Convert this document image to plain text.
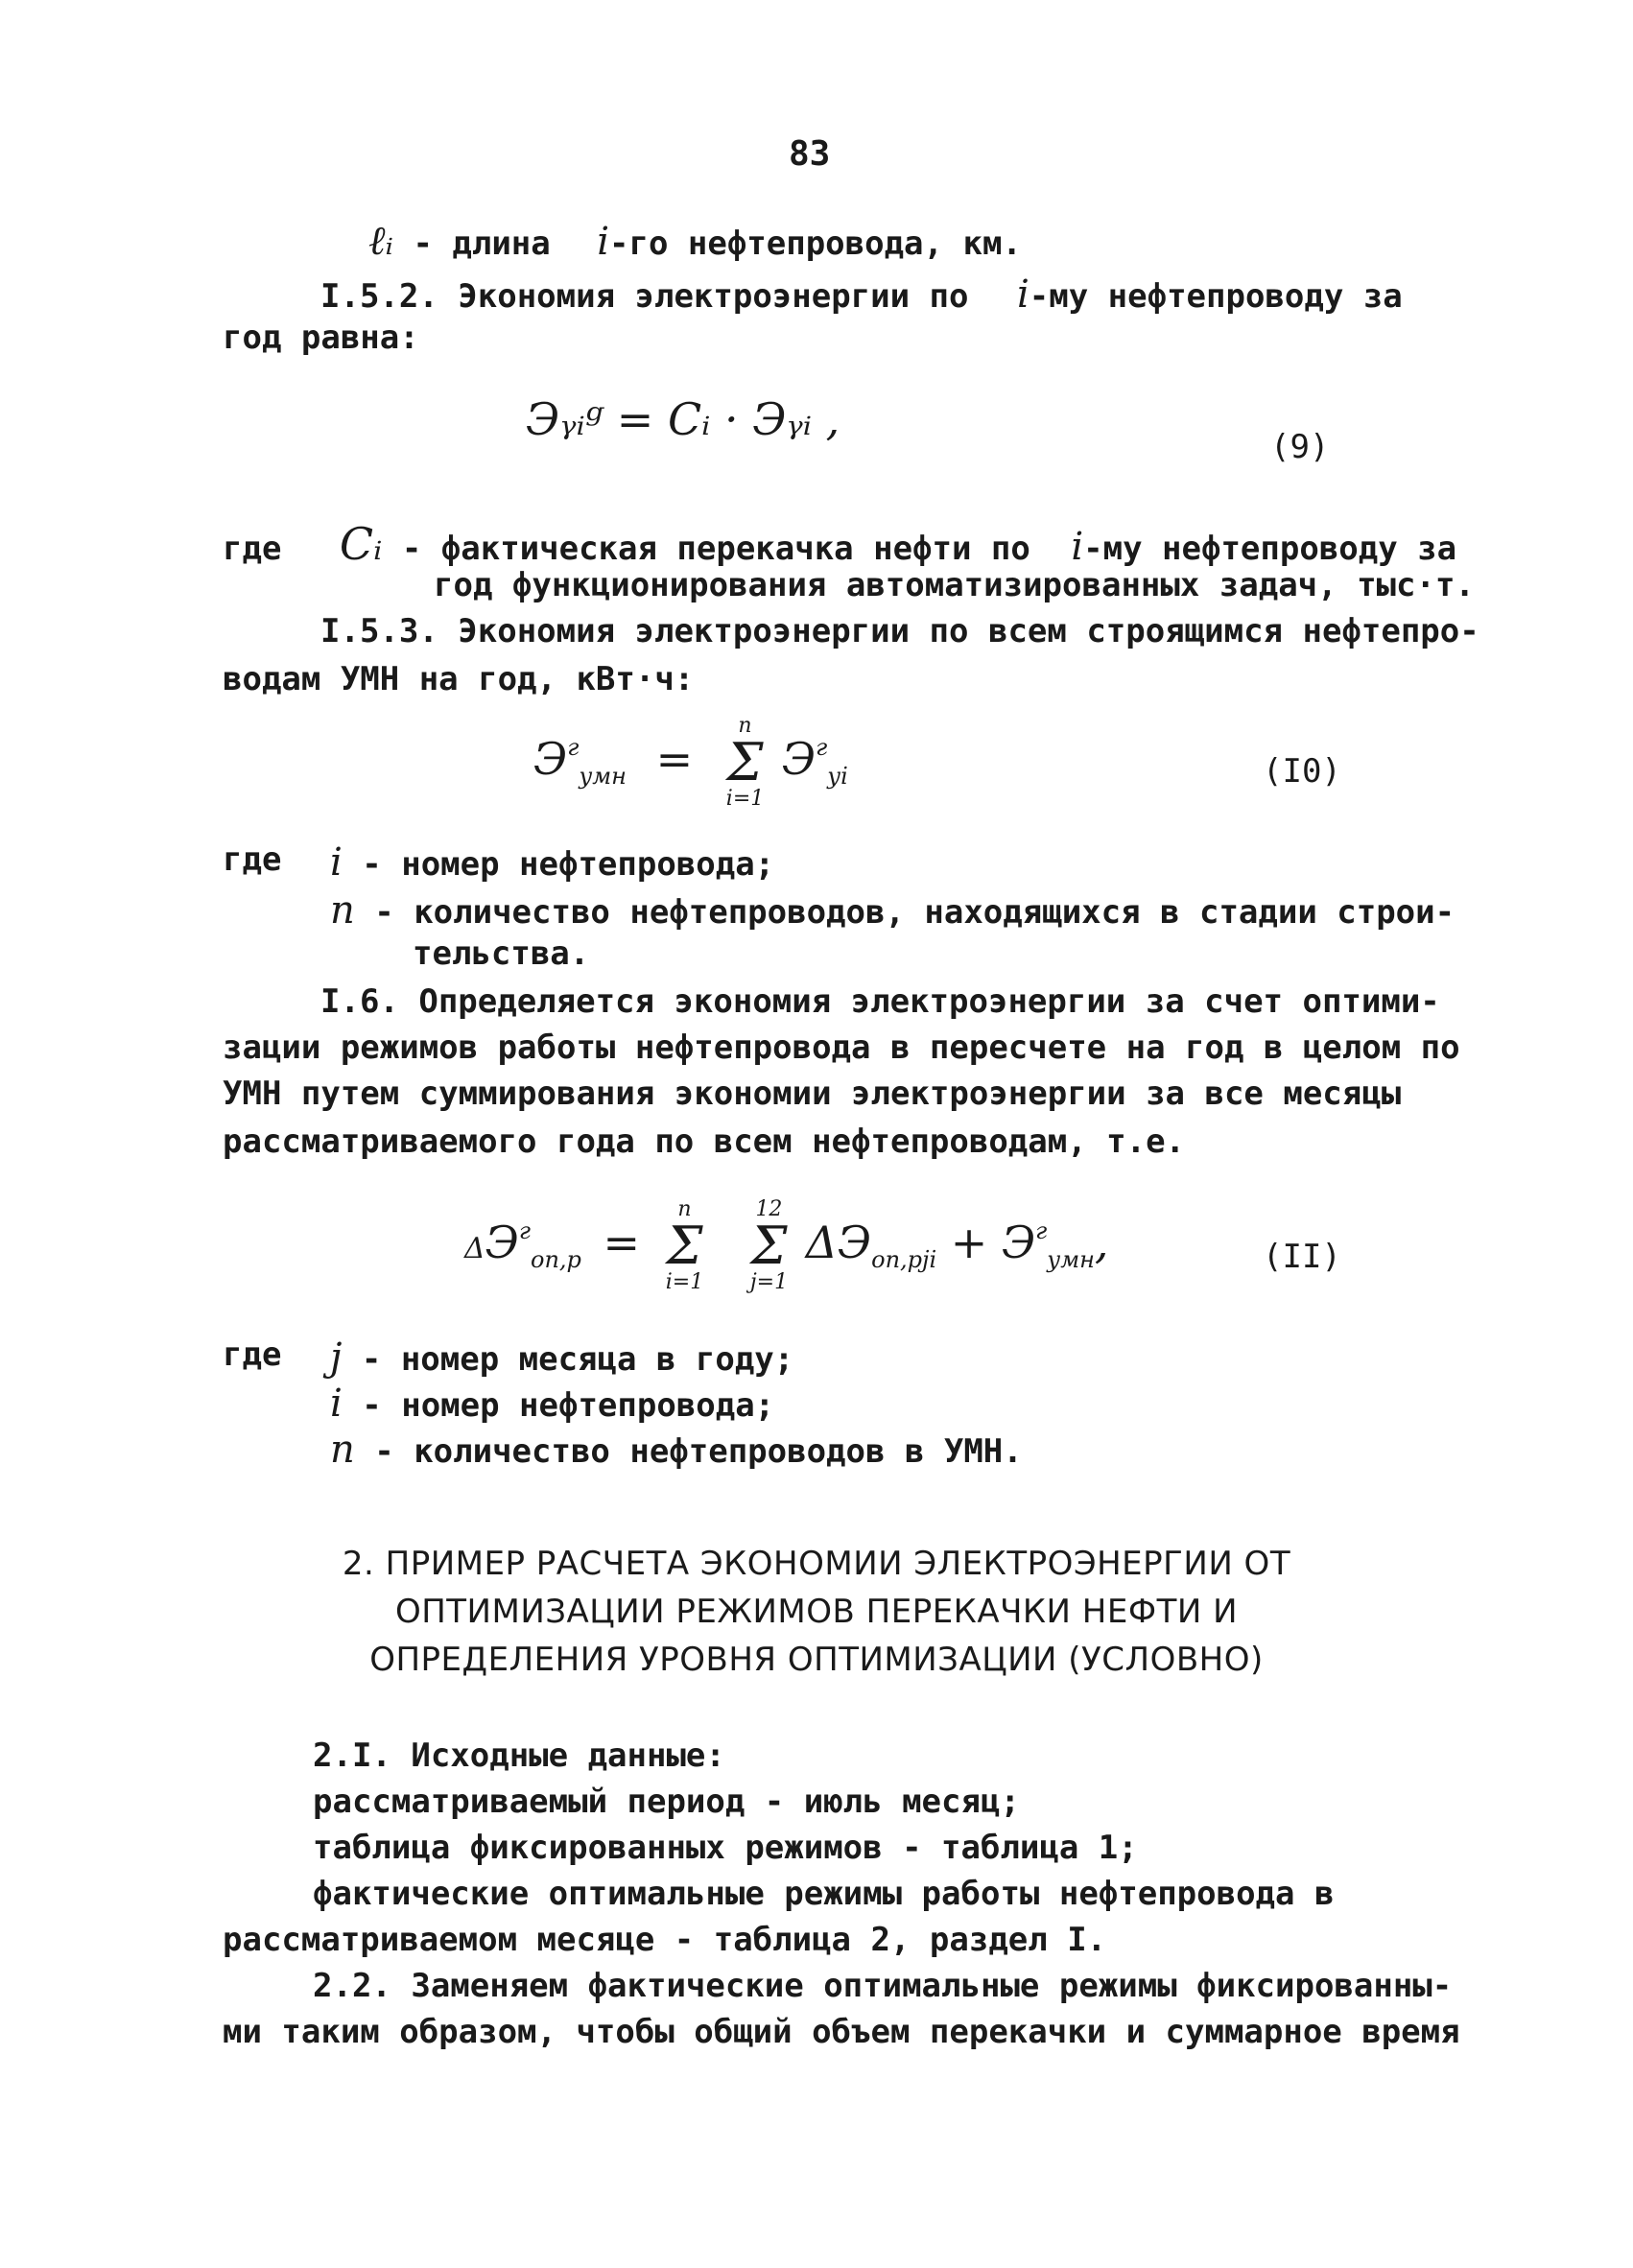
83
ℓᵢ - длина i-го нефтепровода, км.
I.5.2. Экономия электроэнергии по i-му нефтепроводу за
год равна:
Эᵧᵢᵍ = Cᵢ · Эᵧᵢ ,
(9)
где Cᵢ - фактическая перекачка нефти по i-му нефтепроводу за
год функционирования автоматизированных задач, тыс·т.
I.5.3. Экономия электроэнергии по всем строящимся нефтепро-
водам УМН на год, кВт·ч:
$Э^г_{умн}$ =
n
Σ
i=1
$Э^г_{уi}$	(I0)
где i - номер нефтепровода;
n - количество нефтепроводов, находящихся в стадии строи-
тельства.
I.6. Определяется экономия электроэнергии за счет оптими-
зации режимов работы нефтепровода в пересчете на год в целом по
УМН путем суммирования экономии электроэнергии за все месяцы
рассматриваемого года по всем нефтепроводам, т.е.
$\Delta Э^г_{оп,р}$ =
n
Σ
i=1

12
Σ
j=1
$\Delta Э_{оп,рji} + Э^г_{умн}$,	(II)
где j - номер месяца в году;
i - номер нефтепровода;
n - количество нефтепроводов в УМН.
2. ПРИМЕР РАСЧЕТА ЭКОНОМИИ ЭЛЕКТРОЭНЕРГИИ ОТ
ОПТИМИЗАЦИИ РЕЖИМОВ ПЕРЕКАЧКИ НЕФТИ И
ОПРЕДЕЛЕНИЯ УРОВНЯ ОПТИМИЗАЦИИ (УСЛОВНО)
2.I. Исходные данные:
рассматриваемый период - июль месяц;
таблица фиксированных режимов - таблица 1;
фактические оптимальные режимы работы нефтепровода в
рассматриваемом месяце - таблица 2, раздел I.
2.2. Заменяем фактические оптимальные режимы фиксированны-
ми таким образом, чтобы общий объем перекачки и суммарное время
